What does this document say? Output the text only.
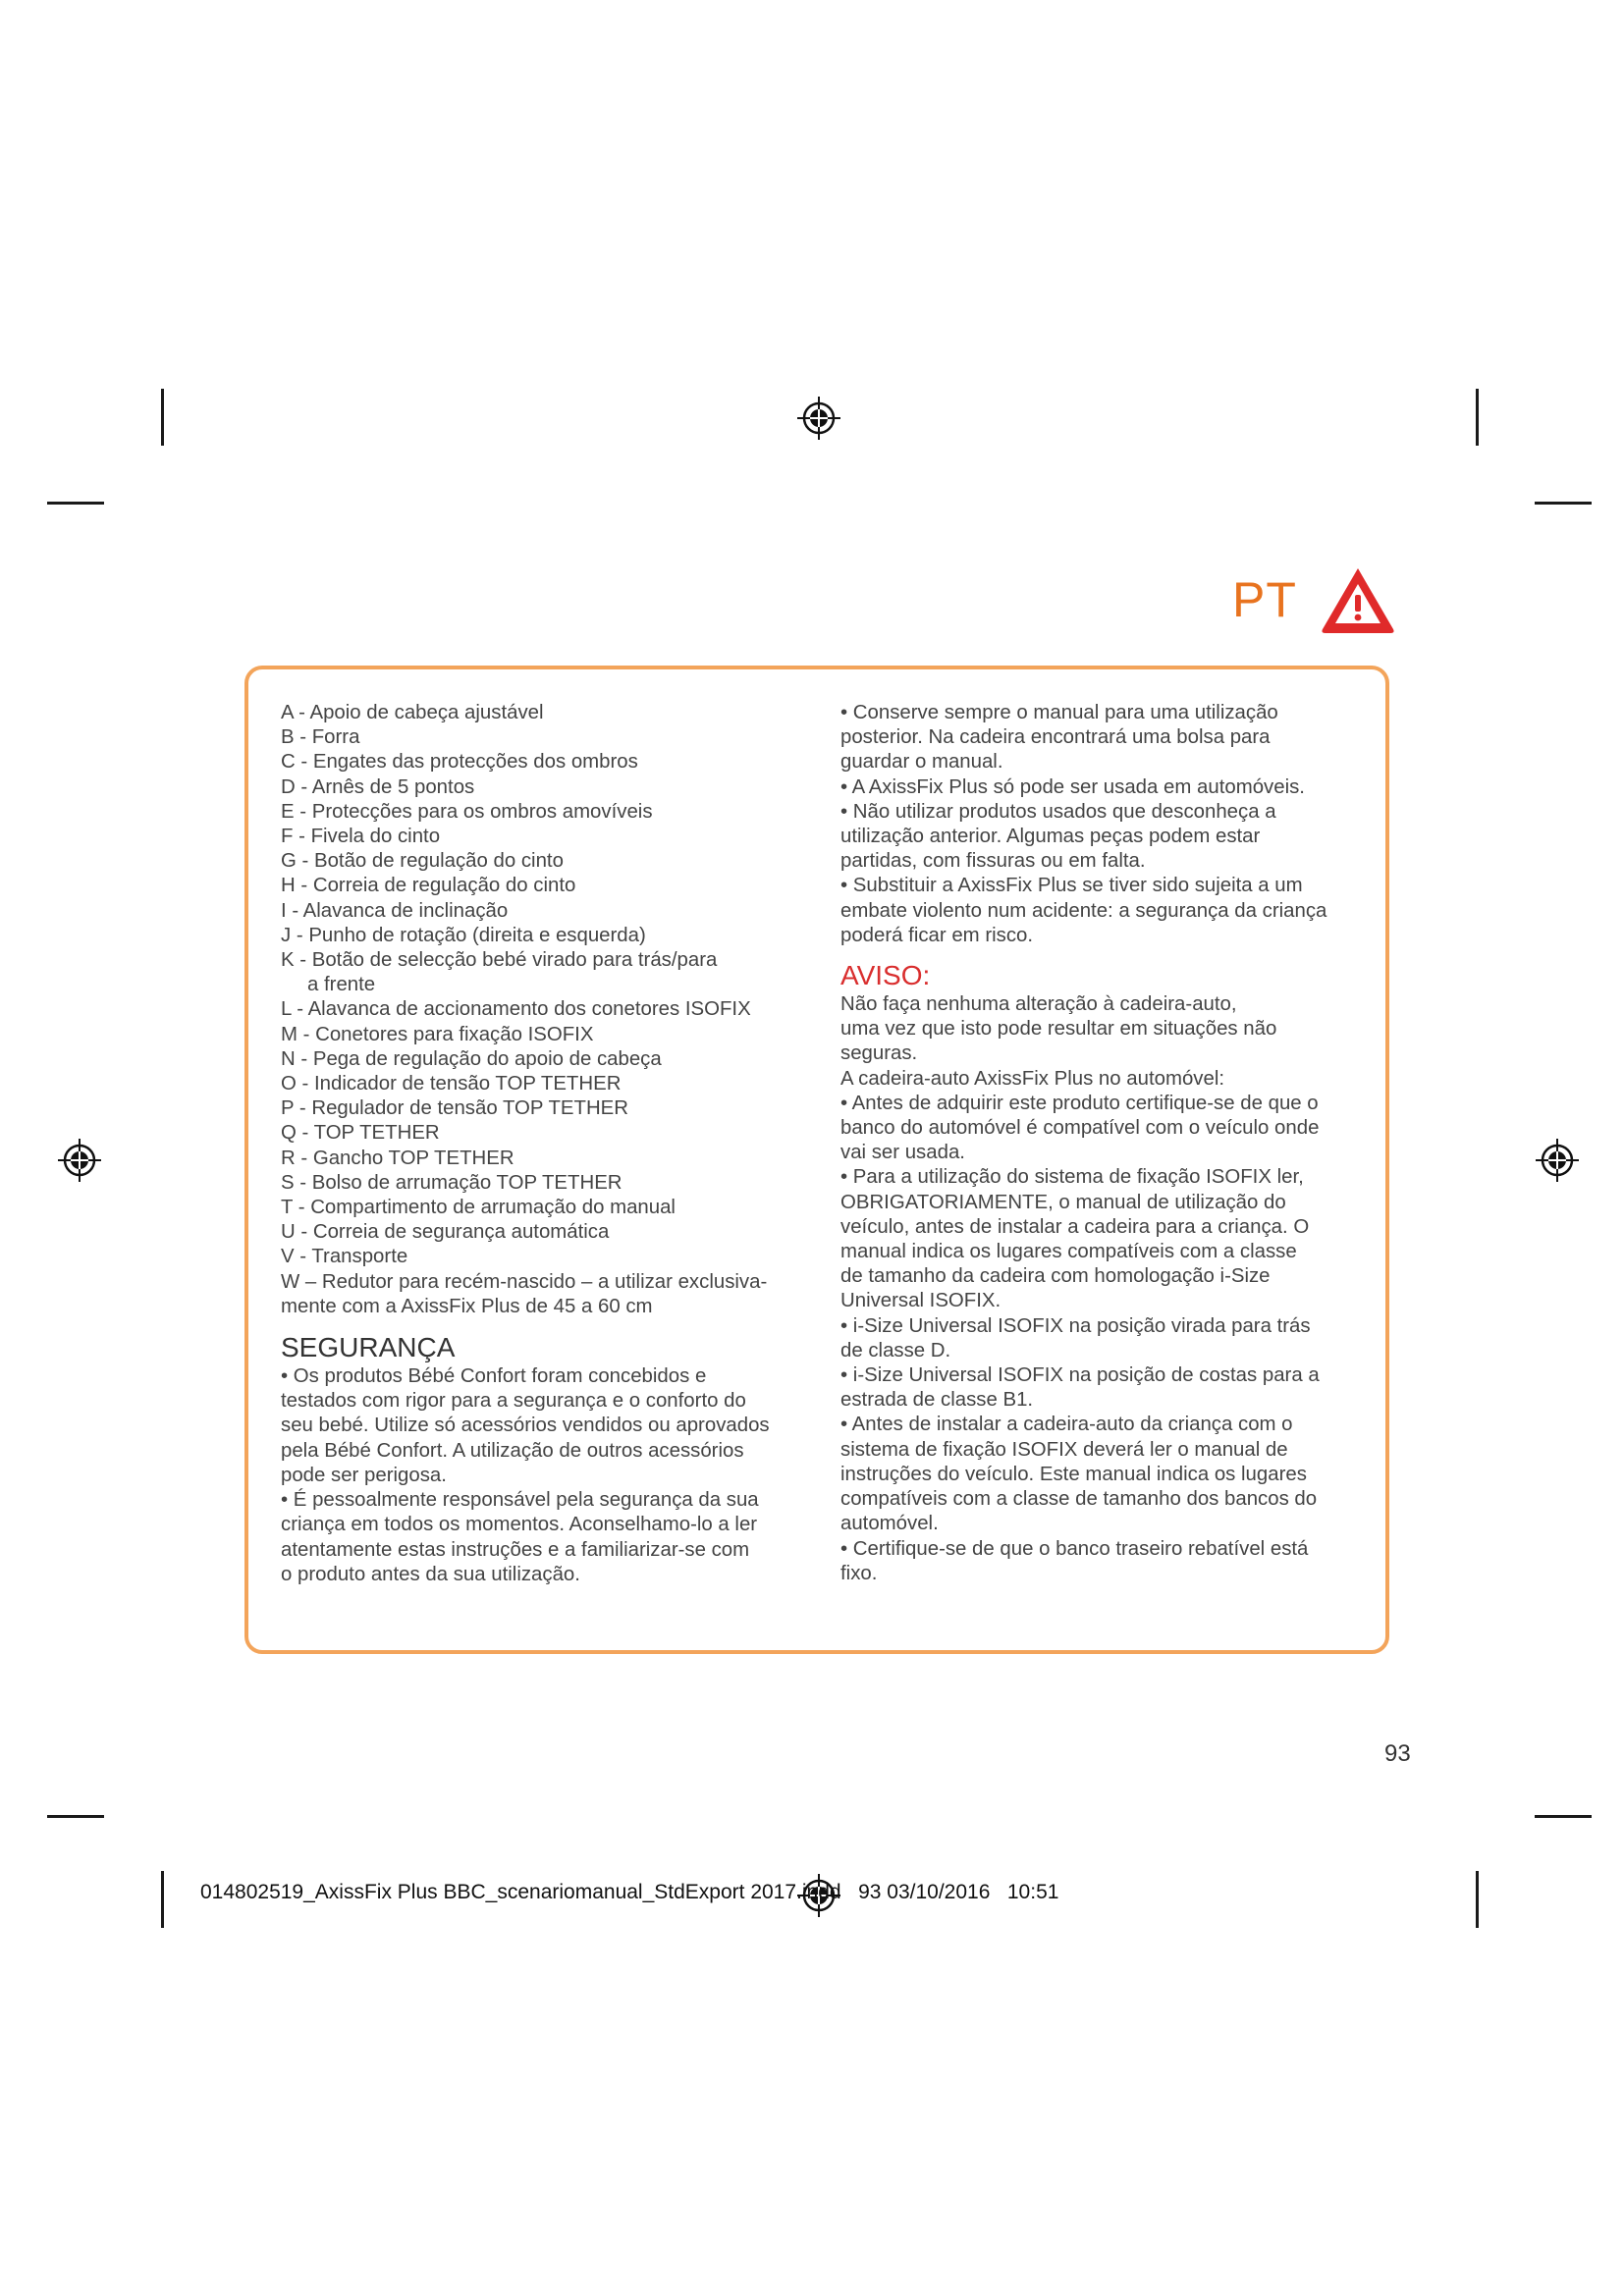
PT

A - Apoio de cabeça ajustável

B - Forra

C - Engates das protecções dos ombros

D - Arnês de 5 pontos

E - Protecções para os ombros amovíveis

F - Fivela do cinto

G - Botão de regulação do cinto

H - Correia de regulação do cinto

I - Alavanca de inclinação

J - Punho de rotação (direita e esquerda)

K - Botão de selecção bebé virado para trás/para

a frente

L - Alavanca de accionamento dos conetores ISOFIX

M - Conetores para fixação ISOFIX

N - Pega de regulação do apoio de cabeça

O - Indicador de tensão TOP TETHER

P - Regulador de tensão TOP TETHER

Q - TOP TETHER

R - Gancho TOP TETHER

S - Bolso de arrumação TOP TETHER

T - Compartimento de arrumação do manual

U - Correia de segurança automática

V - Transporte

W – Redutor para recém-nascido – a utilizar exclusiva-

mente com a AxissFix Plus de 45 a 60 cm

SEGURANÇA

• Os produtos Bébé Confort foram concebidos e

testados com rigor para a segurança e o conforto do

seu bebé. Utilize só acessórios vendidos ou aprovados

pela Bébé Confort. A utilização de outros acessórios

pode ser perigosa.

• É pessoalmente responsável pela segurança da sua

criança em todos os momentos. Aconselhamo-lo a ler

atentamente estas instruções e a familiarizar-se com

o produto antes da sua utilização.

• Conserve sempre o manual para uma utilização

posterior. Na cadeira encontrará uma bolsa para

guardar o manual.

• A AxissFix Plus só pode ser usada em automóveis.

• Não utilizar produtos usados que desconheça a

utilização anterior. Algumas peças podem estar

partidas, com fissuras ou em falta.

• Substituir a AxissFix Plus se tiver sido sujeita a um

embate violento num acidente: a segurança da criança

poderá ficar em risco.

AVISO:

Não faça nenhuma alteração à cadeira-auto,

uma vez que isto pode resultar em situações não

seguras.

A cadeira-auto AxissFix Plus no automóvel:

• Antes de adquirir este produto certifique-se de que o

banco do automóvel é compatível com o veículo onde

vai ser usada.

• Para a utilização do sistema de fixação ISOFIX ler,

OBRIGATORIAMENTE, o manual de utilização do

veículo, antes de instalar a cadeira para a criança. O

manual indica os lugares compatíveis com a classe

de tamanho da cadeira com homologação i-Size

Universal ISOFIX.

• i-Size Universal ISOFIX na posição virada para trás

de classe D.

• i-Size Universal ISOFIX na posição de costas para a

estrada de classe B1.

• Antes de instalar a cadeira-auto da criança com o

sistema de fixação ISOFIX deverá ler o manual de

instruções do veículo. Este manual indica os lugares

compatíveis com a classe de tamanho dos bancos do

automóvel.

• Certifique-se de que o banco traseiro rebatível está

fixo.

93
014802519_AxissFix Plus BBC_scenariomanual_StdExport 2017.indd   93 03/10/2016   10:51
